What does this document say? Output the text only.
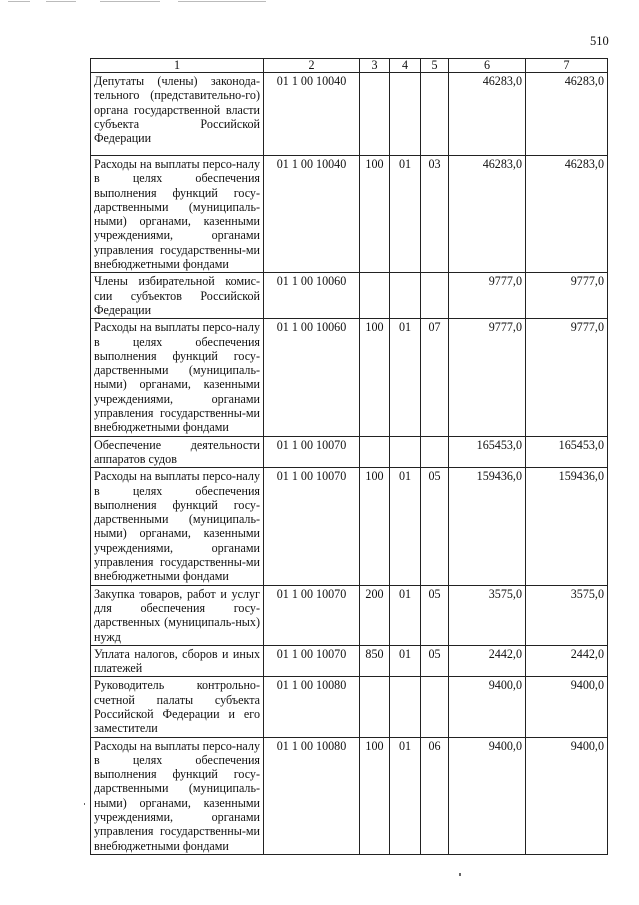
510
1	2	3	4	5	6	7
Депутаты (члены) законода-тельного (представительно-го) органа государственной власти субъекта Российской Федерации	01 1 00 10040				46283,0	46283,0
Расходы на выплаты персо-налу в целях обеспечения выполнения функций госу-дарственными (муниципаль-ными) органами, казенными учреждениями, органами управления государственны-ми внебюджетными фондами	01 1 00 10040	100	01	03	46283,0	46283,0
Члены избирательной комис-сии субъектов Российской Федерации	01 1 00 10060				9777,0	9777,0
Расходы на выплаты персо-налу в целях обеспечения выполнения функций госу-дарственными (муниципаль-ными) органами, казенными учреждениями, органами управления государственны-ми внебюджетными фондами	01 1 00 10060	100	01	07	9777,0	9777,0
Обеспечение деятельности аппаратов судов	01 1 00 10070				165453,0	165453,0
Расходы на выплаты персо-налу в целях обеспечения выполнения функций госу-дарственными (муниципаль-ными) органами, казенными учреждениями, органами управления государственны-ми внебюджетными фондами	01 1 00 10070	100	01	05	159436,0	159436,0
Закупка товаров, работ и услуг для обеспечения госу-дарственных (муниципаль-ных) нужд	01 1 00 10070	200	01	05	3575,0	3575,0
Уплата налогов, сборов и иных платежей	01 1 00 10070	850	01	05	2442,0	2442,0
Руководитель контрольно-счетной палаты субъекта Российской Федерации и его заместители	01 1 00 10080				9400,0	9400,0
Расходы на выплаты персо-налу в целях обеспечения выполнения функций госу-дарственными (муниципаль-ными) органами, казенными учреждениями, органами управления государственны-ми внебюджетными фондами	01 1 00 10080	100	01	06	9400,0	9400,0
